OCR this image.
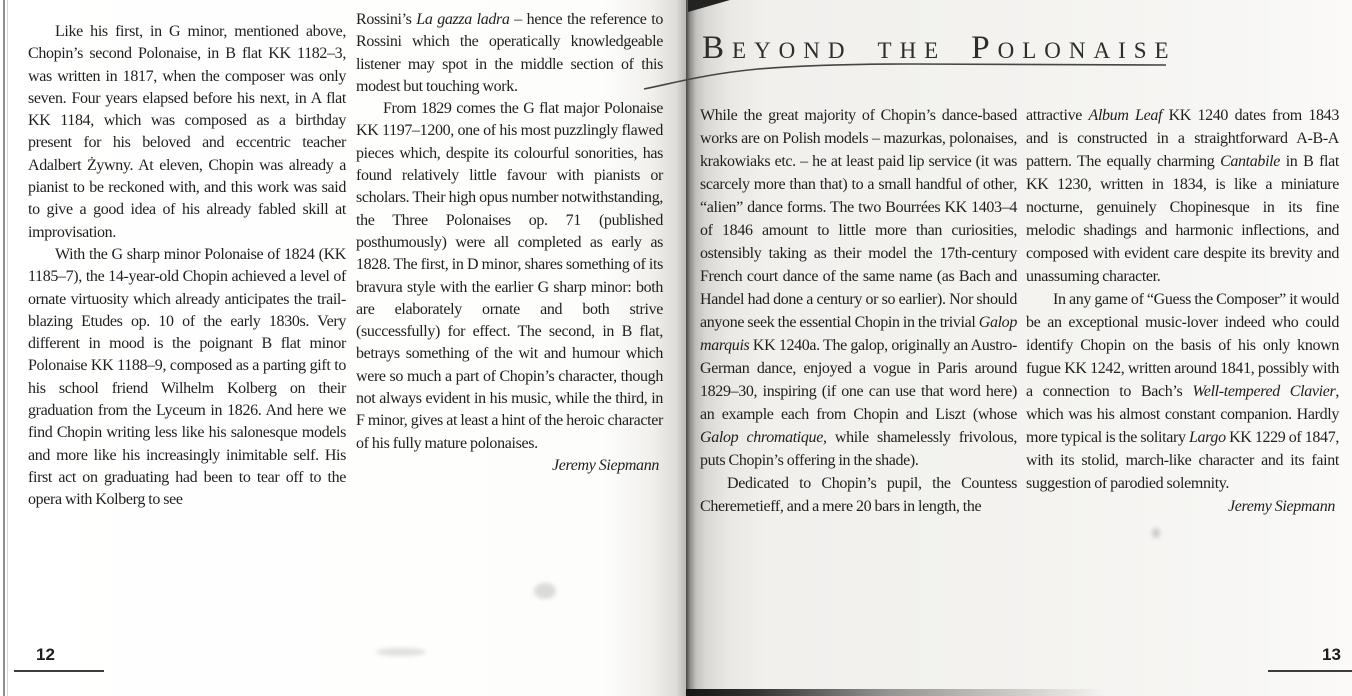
Like his first, in G minor, mentioned above, Chopin’s second Polonaise, in B flat KK 1182–3, was written in 1817, when the composer was only seven. Four years elapsed before his next, in A flat KK 1184, which was composed as a birthday present for his beloved and eccentric teacher Adalbert Żywny. At eleven, Chopin was already a pianist to be reckoned with, and this work was said to give a good idea of his already fabled skill at improvisation.

With the G sharp minor Polonaise of 1824 (KK 1185–7), the 14-year-old Chopin achieved a level of ornate virtuosity which already anticipates the trail-blazing Etudes op. 10 of the early 1830s. Very different in mood is the poignant B flat minor Polonaise KK 1188–9, composed as a parting gift to his school friend Wilhelm Kolberg on their graduation from the Lyceum in 1826. And here we find Chopin writing less like his salonesque models and more like his increasingly inimitable self. His first act on graduating had been to tear off to the opera with Kolberg to see

Rossini’s La gazza ladra – hence the reference to Rossini which the operatically knowledgeable listener may spot in the middle section of this modest but touching work.

From 1829 comes the G flat major Polonaise KK 1197–1200, one of his most puzzlingly flawed pieces which, despite its colourful sonorities, has found relatively little favour with pianists or scholars. Their high opus number notwithstanding, the Three Polonaises op. 71 (published posthumously) were all completed as early as 1828. The first, in D minor, shares something of its bravura style with the earlier G sharp minor: both are elaborately ornate and both strive (successfully) for effect. The second, in B flat, betrays something of the wit and humour which were so much a part of Chopin’s character, though not always evident in his music, while the third, in F minor, gives at least a hint of the heroic character of his fully mature polonaises.

Jeremy Siepmann

BEYOND THE POLONAISE

While the great majority of Chopin’s dance-based works are on Polish models – mazurkas, polonaises, krakowiaks etc. – he at least paid lip service (it was scarcely more than that) to a small handful of other, “alien” dance forms. The two Bourrées KK 1403–4 of 1846 amount to little more than curiosities, ostensibly taking as their model the 17th-century French court dance of the same name (as Bach and Handel had done a century or so earlier). Nor should anyone seek the essential Chopin in the trivial Galop marquis KK 1240a. The galop, originally an Austro-German dance, enjoyed a vogue in Paris around 1829–30, inspiring (if one can use that word here) an example each from Chopin and Liszt (whose Galop chromatique, while shamelessly frivolous, puts Chopin’s offering in the shade).

Dedicated to Chopin’s pupil, the Countess Cheremetieff, and a mere 20 bars in length, the

attractive Album Leaf KK 1240 dates from 1843 and is constructed in a straightforward A-B-A pattern. The equally charming Cantabile in B flat KK 1230, written in 1834, is like a miniature nocturne, genuinely Chopinesque in its fine melodic shadings and harmonic inflections, and composed with evident care despite its brevity and unassuming character.

In any game of “Guess the Composer” it would be an exceptional music-lover indeed who could identify Chopin on the basis of his only known fugue KK 1242, written around 1841, possibly with a connection to Bach’s Well-tempered Clavier, which was his almost constant companion. Hardly more typical is the solitary Largo KK 1229 of 1847, with its stolid, march-like character and its faint suggestion of parodied solemnity.

Jeremy Siepmann

12	13
